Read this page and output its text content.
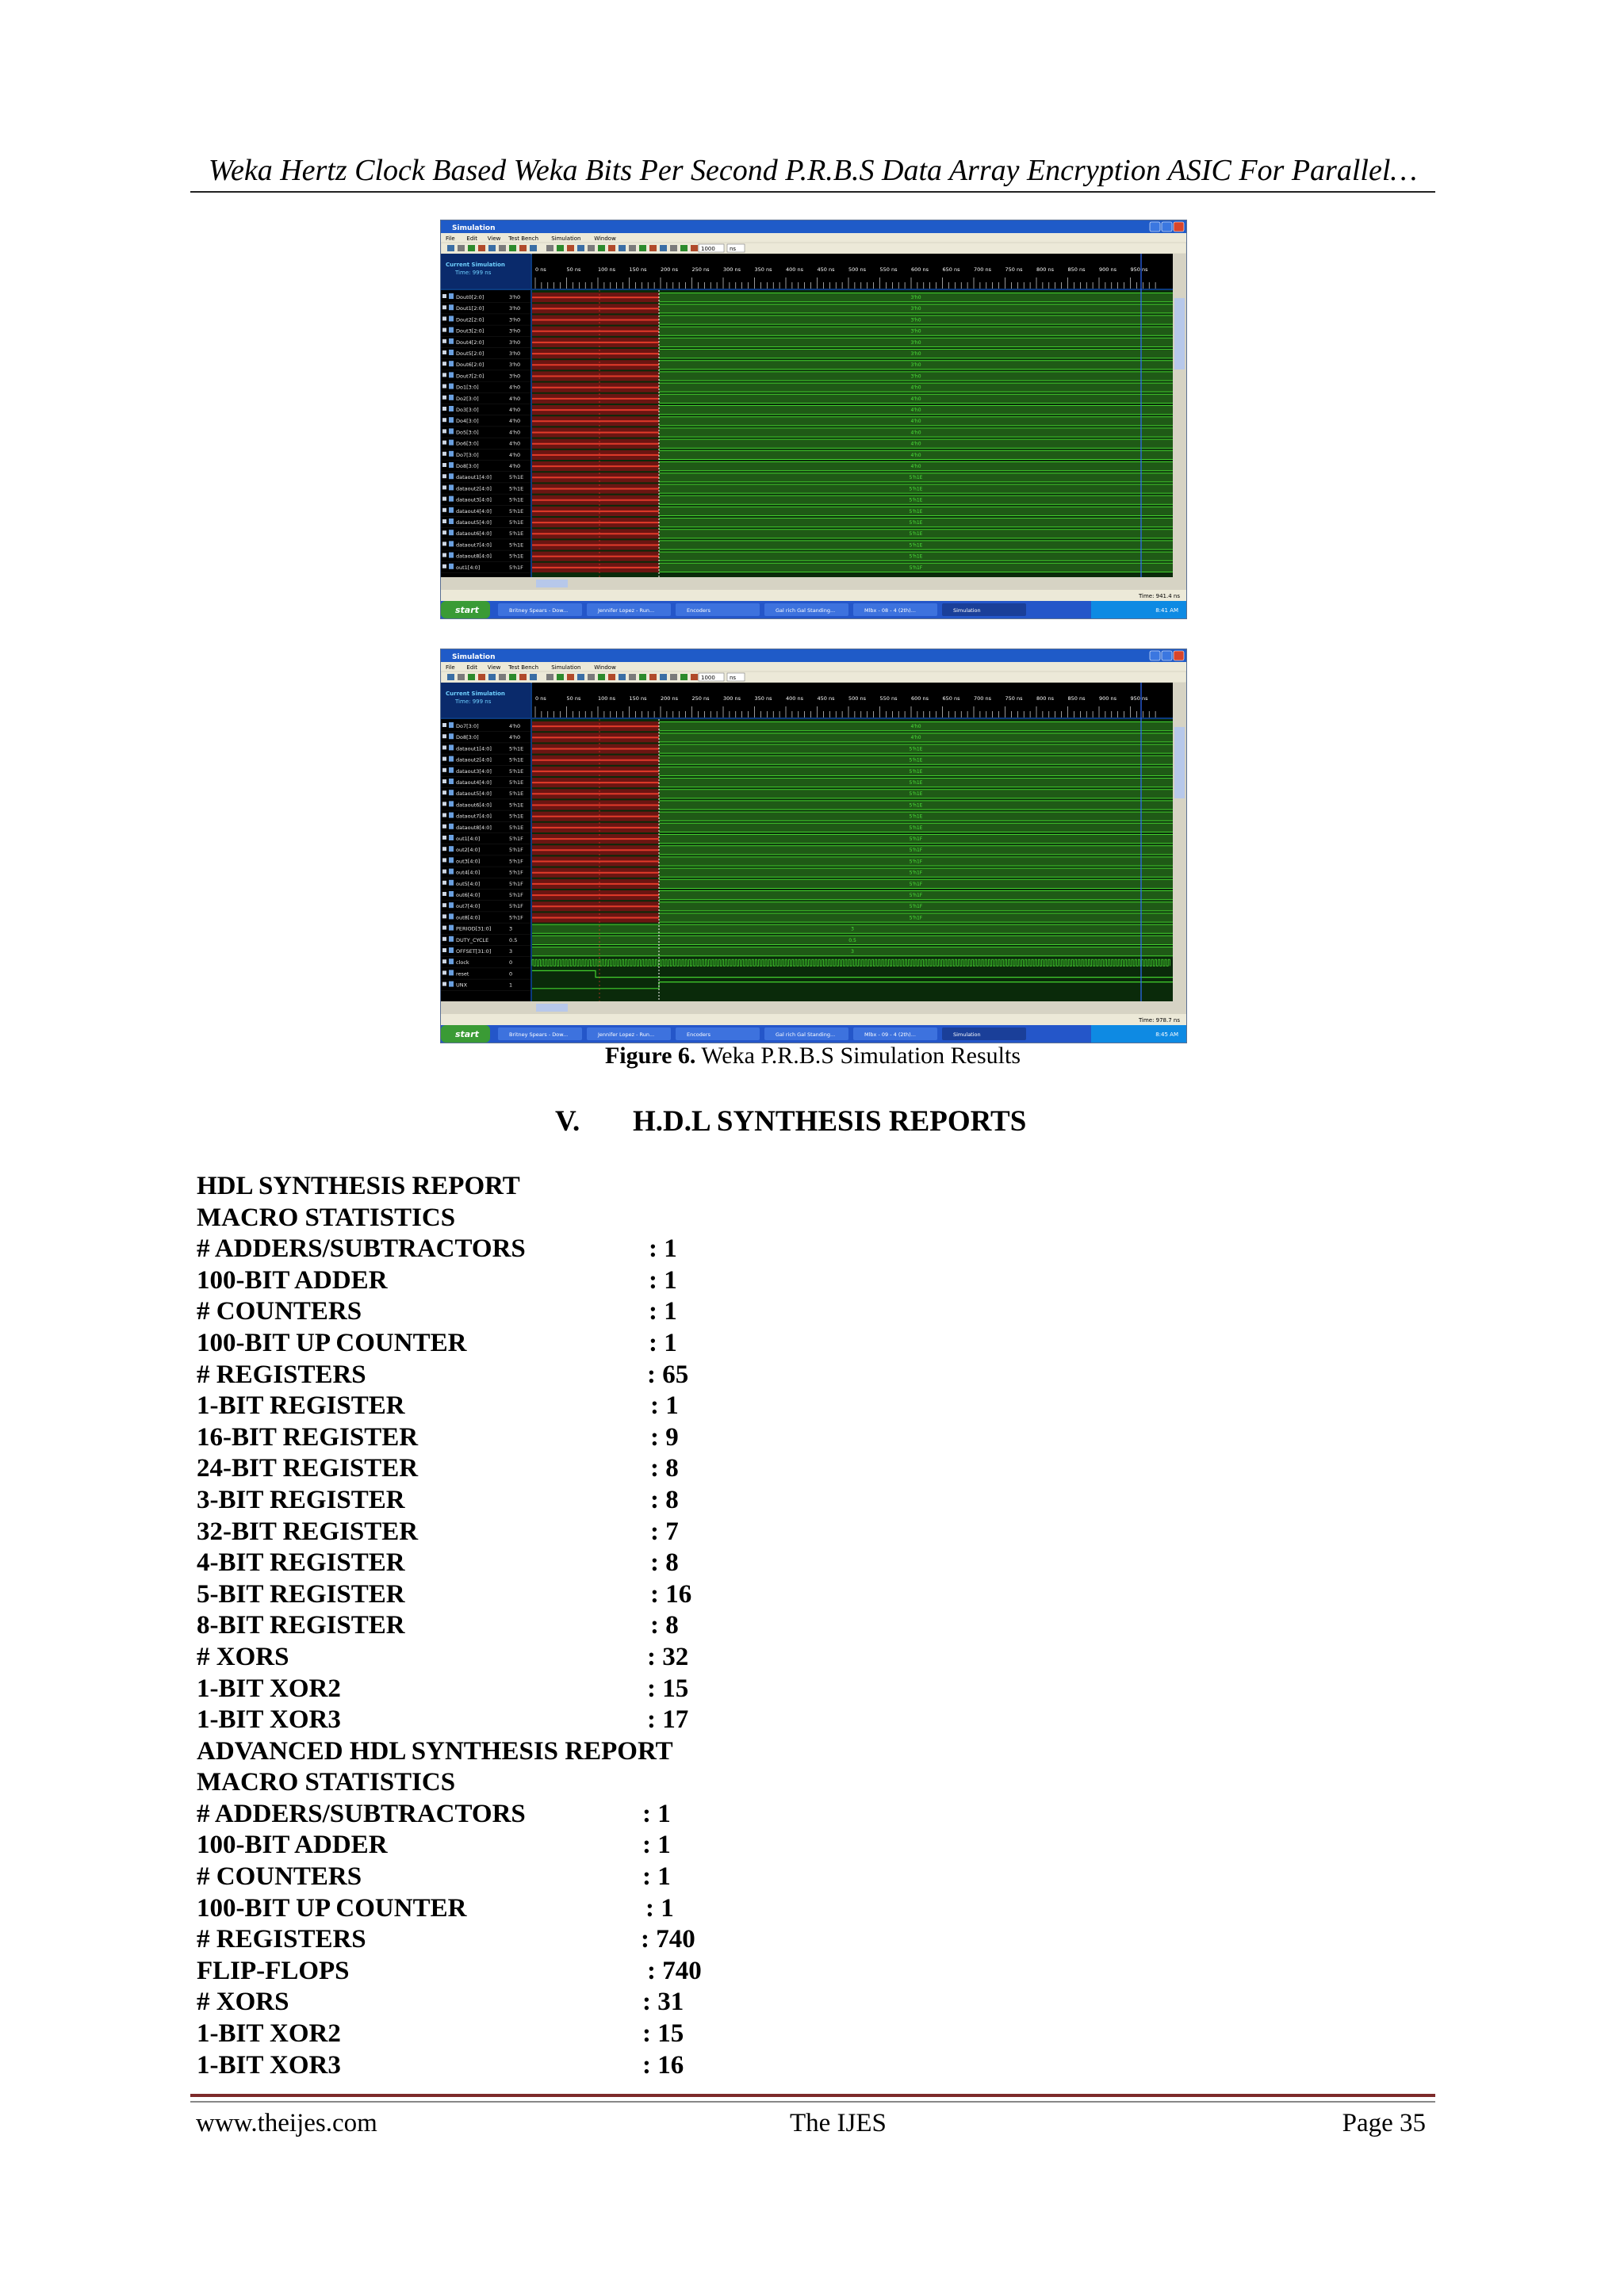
Weka Hertz Clock Based Weka Bits Per Second P.R.B.S Data Array Encryption ASIC For Parallel…
Simulation
File Edit View Test Bench Simulation Window
1000	ns
Current Simulation
Time: 999 ns	0 ns	50 ns	100 ns	150 ns	200 ns	250 ns	300 ns	350 ns	400 ns	450 ns	500 ns	550 ns	600 ns	650 ns	700 ns	750 ns	800 ns	850 ns	900 ns	950 ns
Dout0[2:0]	3'h0	3'h0
Dout1[2:0]	3'h0	3'h0
Dout2[2:0]	3'h0	3'h0
Dout3[2:0]	3'h0	3'h0
Dout4[2:0]	3'h0	3'h0
Dout5[2:0]	3'h0	3'h0
Dout6[2:0]	3'h0	3'h0
Dout7[2:0]	3'h0	3'h0
Do1[3:0]	4'h0	4'h0
Do2[3:0]	4'h0	4'h0
Do3[3:0]	4'h0	4'h0
Do4[3:0]	4'h0	4'h0
Do5[3:0]	4'h0	4'h0
Do6[3:0]	4'h0	4'h0
Do7[3:0]	4'h0	4'h0
Do8[3:0]	4'h0	4'h0
dataout1[4:0]	5'h1E	5'h1E
dataout2[4:0]	5'h1E	5'h1E
dataout3[4:0]	5'h1E	5'h1E
dataout4[4:0]	5'h1E	5'h1E
dataout5[4:0]	5'h1E	5'h1E
dataout6[4:0]	5'h1E	5'h1E
dataout7[4:0]	5'h1E	5'h1E
dataout8[4:0]	5'h1E	5'h1E
out1[4:0]	5'h1F	5'h1F
Time: 941.4 ns
start	Britney Spears - Dow...	Jennifer Lopez - Run...	Encoders	Gal rich Gal Standing...	Mlbx - 08 - 4 (2th)...	Simulation	8:41 AM
Simulation
File Edit View Test Bench Simulation Window
1000	ns
Current Simulation
Time: 999 ns	0 ns	50 ns	100 ns	150 ns	200 ns	250 ns	300 ns	350 ns	400 ns	450 ns	500 ns	550 ns	600 ns	650 ns	700 ns	750 ns	800 ns	850 ns	900 ns	950 ns
Do7[3:0]	4'h0	4'h0
Do8[3:0]	4'h0	4'h0
dataout1[4:0]	5'h1E	5'h1E
dataout2[4:0]	5'h1E	5'h1E
dataout3[4:0]	5'h1E	5'h1E
dataout4[4:0]	5'h1E	5'h1E
dataout5[4:0]	5'h1E	5'h1E
dataout6[4:0]	5'h1E	5'h1E
dataout7[4:0]	5'h1E	5'h1E
dataout8[4:0]	5'h1E	5'h1E
out1[4:0]	5'h1F	5'h1F
out2[4:0]	5'h1F	5'h1F
out3[4:0]	5'h1F	5'h1F
out4[4:0]	5'h1F	5'h1F
out5[4:0]	5'h1F	5'h1F
out6[4:0]	5'h1F	5'h1F
out7[4:0]	5'h1F	5'h1F
out8[4:0]	5'h1F	5'h1F
PERIOD[31:0]	3	3
DUTY_CYCLE	0.5	0.5
OFFSET[31:0]	3	3
clock	0
reset	0
UNX	1
Time: 978.7 ns
start	Britney Spears - Dow...	Jennifer Lopez - Run...	Encoders	Gal rich Gal Standing...	Mlbx - 09 - 4 (2th)...	Simulation	8:45 AM
Figure 6. Weka P.R.B.S Simulation Results
V. H.D.L SYNTHESIS REPORTS
HDL SYNTHESIS REPORT
MACRO STATISTICS
# ADDERS/SUBTRACTORS	: 1
100-BIT ADDER	: 1
# COUNTERS	: 1
100-BIT UP COUNTER	: 1
# REGISTERS	: 65
1-BIT REGISTER	: 1
16-BIT REGISTER	: 9
24-BIT REGISTER	: 8
3-BIT REGISTER	: 8
32-BIT REGISTER	: 7
4-BIT REGISTER	: 8
5-BIT REGISTER	: 16
8-BIT REGISTER	: 8
# XORS	: 32
1-BIT XOR2	: 15
1-BIT XOR3	: 17
ADVANCED HDL SYNTHESIS REPORT
MACRO STATISTICS
# ADDERS/SUBTRACTORS	: 1
100-BIT ADDER	: 1
# COUNTERS	: 1
100-BIT UP COUNTER	: 1
# REGISTERS	: 740
FLIP-FLOPS	: 740
# XORS	: 31
1-BIT XOR2	: 15
1-BIT XOR3	: 16
www.theijes.com	The IJES	Page 35
